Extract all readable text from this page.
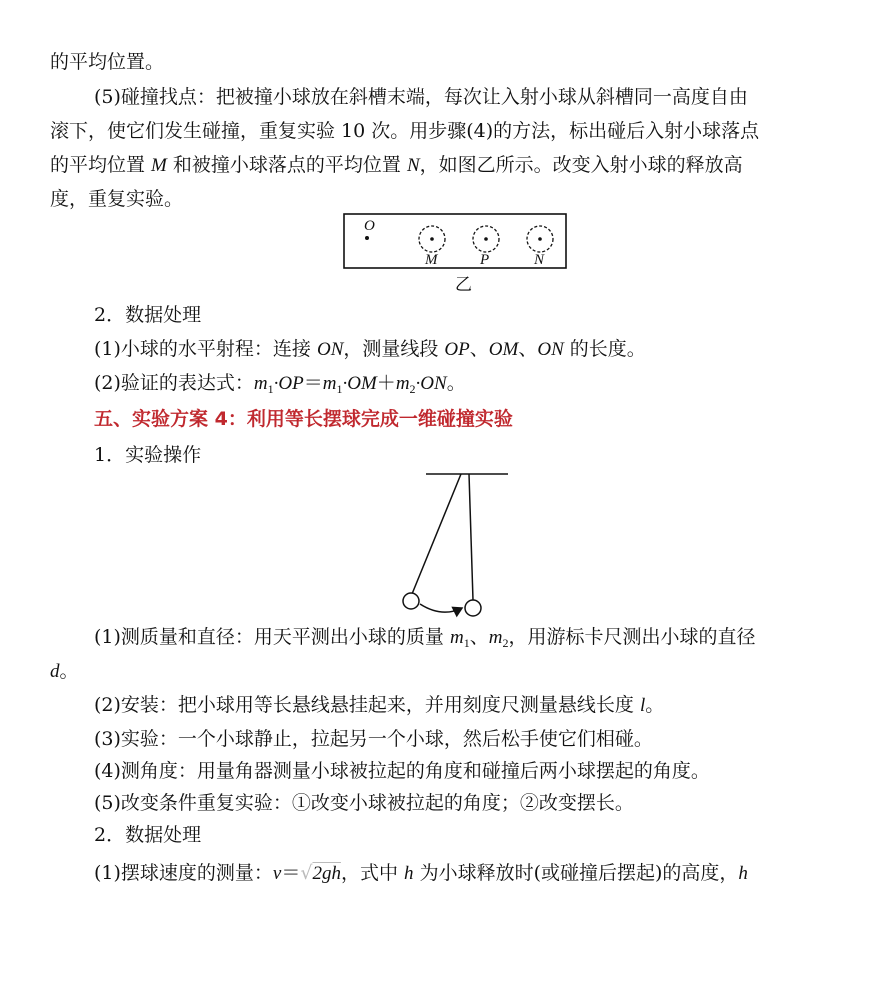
的平均位置。
(5)碰撞找点：把被撞小球放在斜槽末端，每次让入射小球从斜槽同一高度自由
滚下，使它们发生碰撞，重复实验 10 次。用步骤(4)的方法，标出碰后入射小球落点
的平均位置 M 和被撞小球落点的平均位置 N，如图乙所示。改变入射小球的释放高
度，重复实验。
O
M	P	N
乙
2．数据处理
(1)小球的水平射程：连接 ON，测量线段 OP、OM、ON 的长度。
(2)验证的表达式：$m_1\cdot OP=m_1\cdot OM+m_2\cdot ON$。
五、实验方案 4：利用等长摆球完成一维碰撞实验
1．实验操作
(1)测质量和直径：用天平测出小球的质量 $m_1$、$m_2$，用游标卡尺测出小球的直径
d。
(2)安装：把小球用等长悬线悬挂起来，并用刻度尺测量悬线长度 l。
(3)实验：一个小球静止，拉起另一个小球，然后松手使它们相碰。
(4)测角度：用量角器测量小球被拉起的角度和碰撞后两小球摆起的角度。
(5)改变条件重复实验：①改变小球被拉起的角度；②改变摆长。
2．数据处理
(1)摆球速度的测量：v＝√2gh，式中 h 为小球释放时(或碰撞后摆起)的高度，h
